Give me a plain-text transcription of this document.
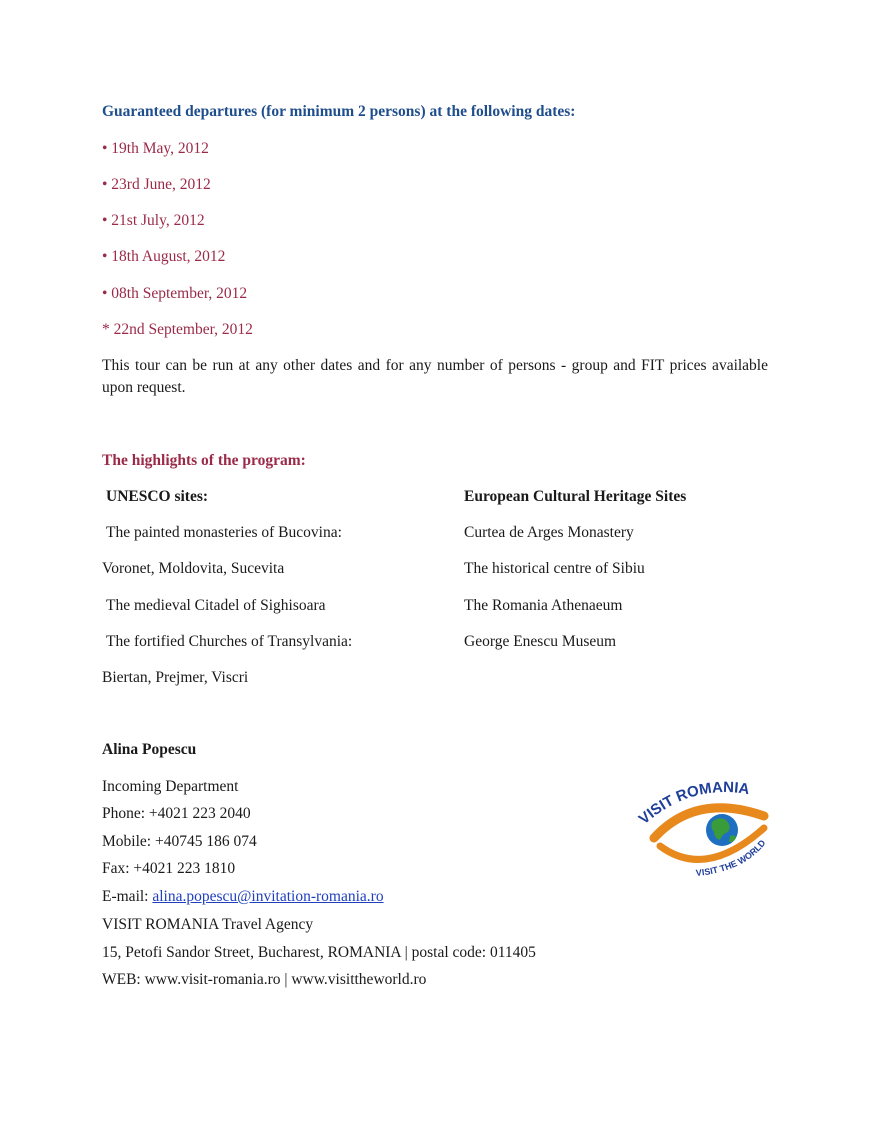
Guaranteed departures (for minimum 2 persons) at the following dates:
• 19th May, 2012
• 23rd June, 2012
• 21st July, 2012
• 18th August, 2012
• 08th September, 2012
* 22nd September, 2012
This tour can be run at any other dates and for any number of persons - group and FIT prices available upon request.
The highlights of the program:
UNESCO sites:	European Cultural Heritage Sites
The painted monasteries of Bucovina:	Curtea de Arges Monastery
Voronet, Moldovita, Sucevita	The historical centre of Sibiu
The medieval Citadel of Sighisoara	The Romania Athenaeum
The fortified Churches of Transylvania:	George Enescu Museum
Biertan, Prejmer, Viscri
Alina Popescu
Incoming Department
Phone: +4021 223 2040
Mobile: +40745 186 074
Fax: +4021 223 1810
E-mail: alina.popescu@invitation-romania.ro
VISIT ROMANIA Travel Agency
15, Petofi Sandor Street, Bucharest, ROMANIA | postal code: 011405
WEB: www.visit-romania.ro | www.visittheworld.ro
VISIT ROMANIA
VISIT THE WORLD
